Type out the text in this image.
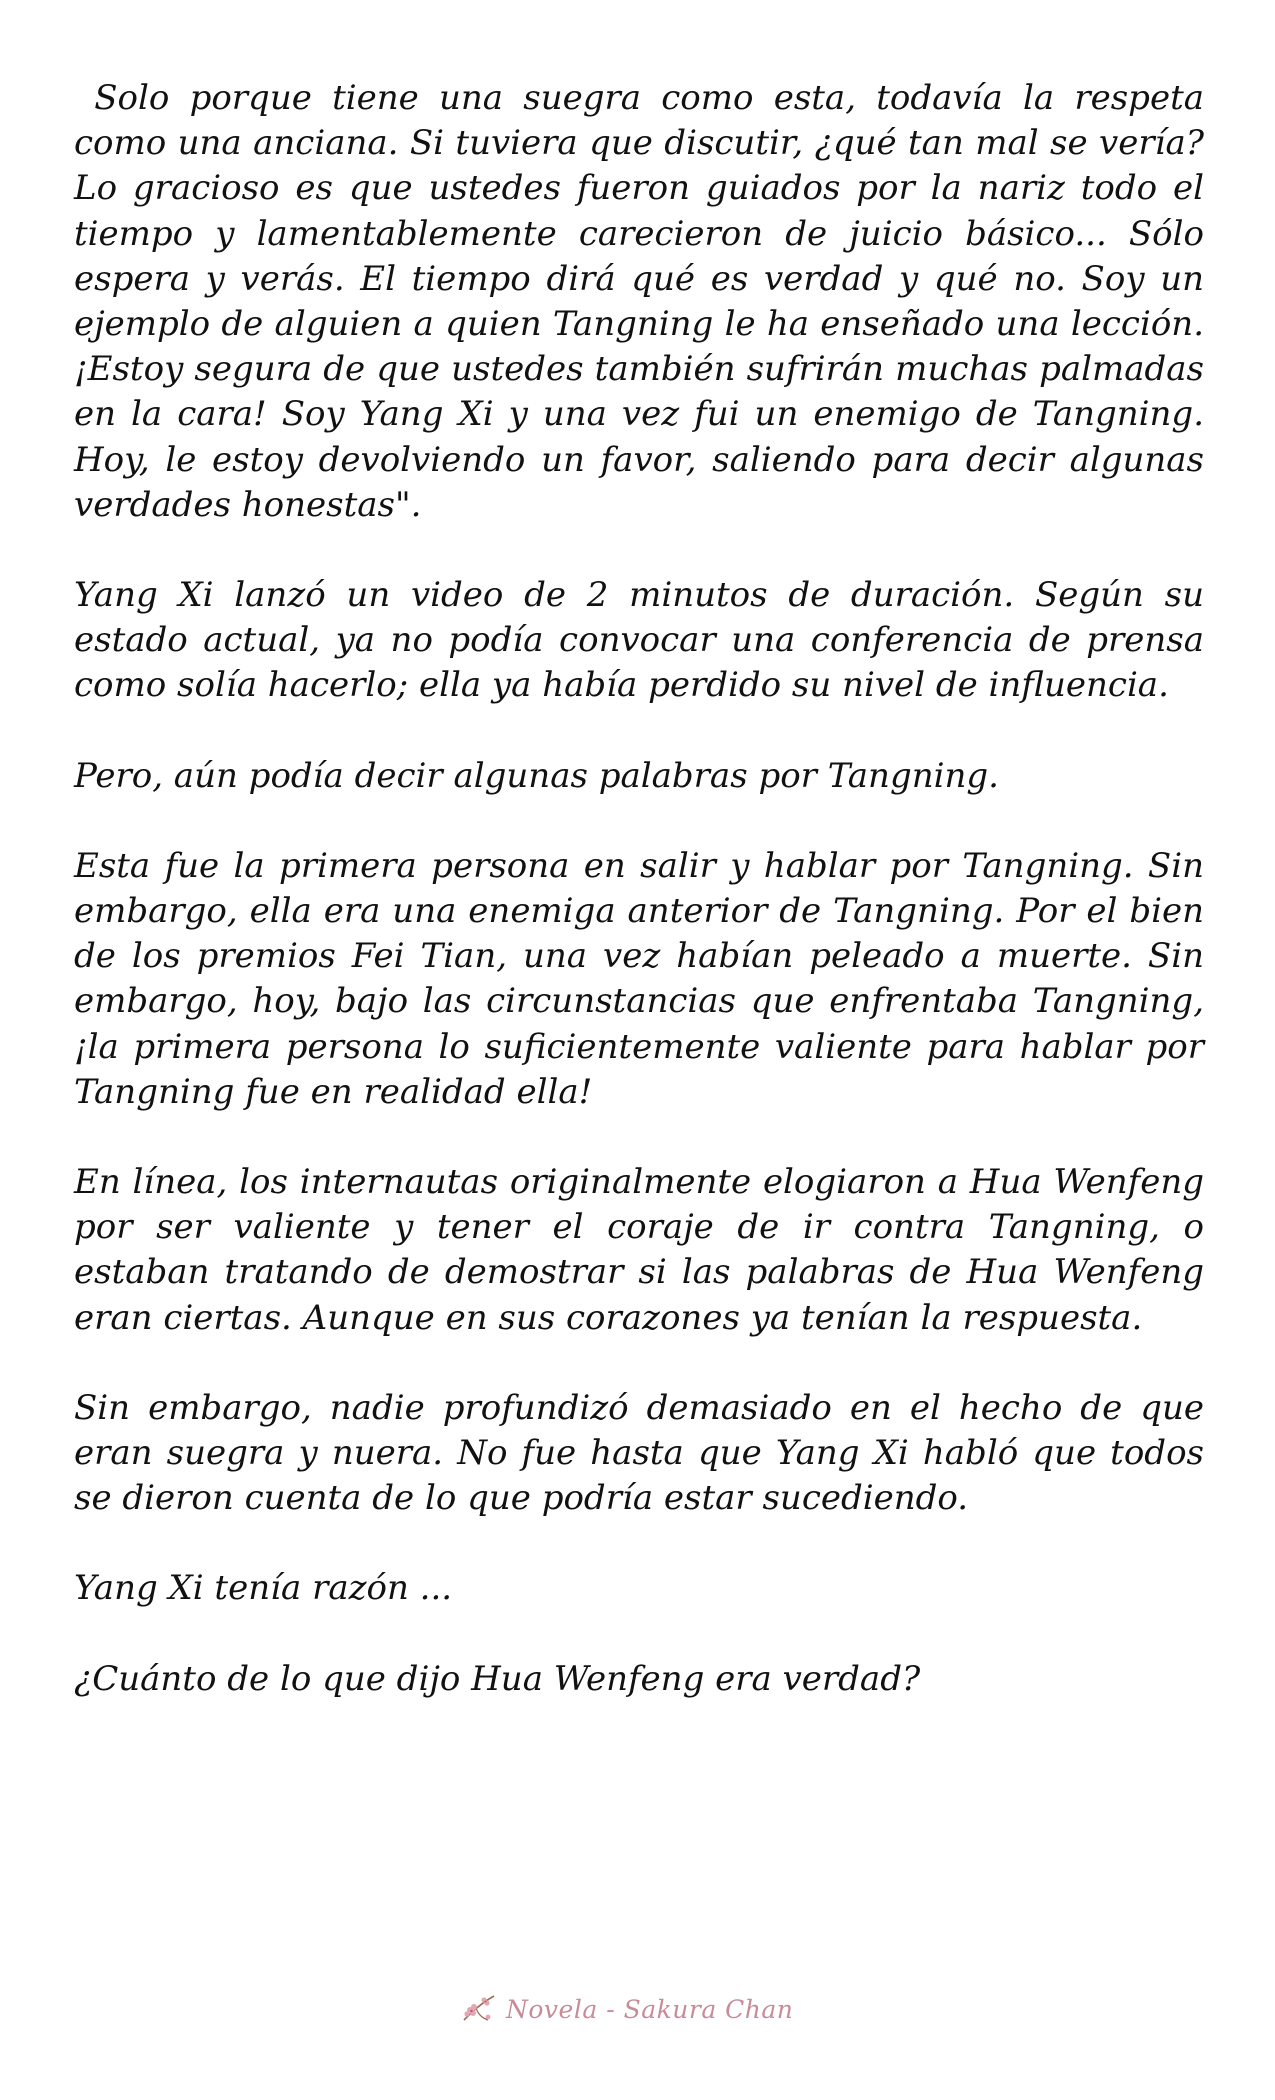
Solo porque tiene una suegra como esta, todavía la respeta como una anciana. Si tuviera que discutir, ¿qué tan mal se vería?  Lo gracioso es que ustedes fueron guiados por la nariz todo el tiempo y lamentablemente carecieron de juicio básico... Sólo espera y verás. El tiempo dirá qué es verdad y qué no. Soy un ejemplo de alguien a quien Tangning le ha enseñado una lección. ¡Estoy segura de que ustedes también sufrirán muchas palmadas en la cara! Soy Yang Xi y una vez fui un enemigo de Tangning. Hoy, le estoy devolviendo un favor, saliendo para decir algunas verdades honestas".

Yang Xi lanzó un video de 2 minutos de duración. Según su estado actual, ya no podía convocar una conferencia de prensa como solía hacerlo; ella ya había perdido su nivel de influencia.

Pero, aún podía decir algunas palabras por Tangning.

Esta fue la primera persona en salir y hablar por Tangning. Sin embargo, ella era una enemiga anterior de Tangning. Por el bien de los premios Fei Tian, una vez habían peleado a muerte. Sin embargo, hoy, bajo las circunstancias que enfrentaba Tangning, ¡la primera persona lo suficientemente valiente para hablar por Tangning fue en realidad ella!

En línea, los internautas originalmente elogiaron a Hua Wenfeng por ser valiente y tener el coraje de ir contra Tangning, o estaban tratando de demostrar si las palabras de Hua Wenfeng eran ciertas. Aunque en sus corazones ya tenían la respuesta.

Sin embargo, nadie profundizó demasiado en el hecho de que eran suegra y nuera. No fue hasta que Yang Xi habló que todos se dieron cuenta de lo que podría estar sucediendo.

Yang Xi tenía razón ...

¿Cuánto de lo que dijo Hua Wenfeng era verdad?

Novela - Sakura Chan
